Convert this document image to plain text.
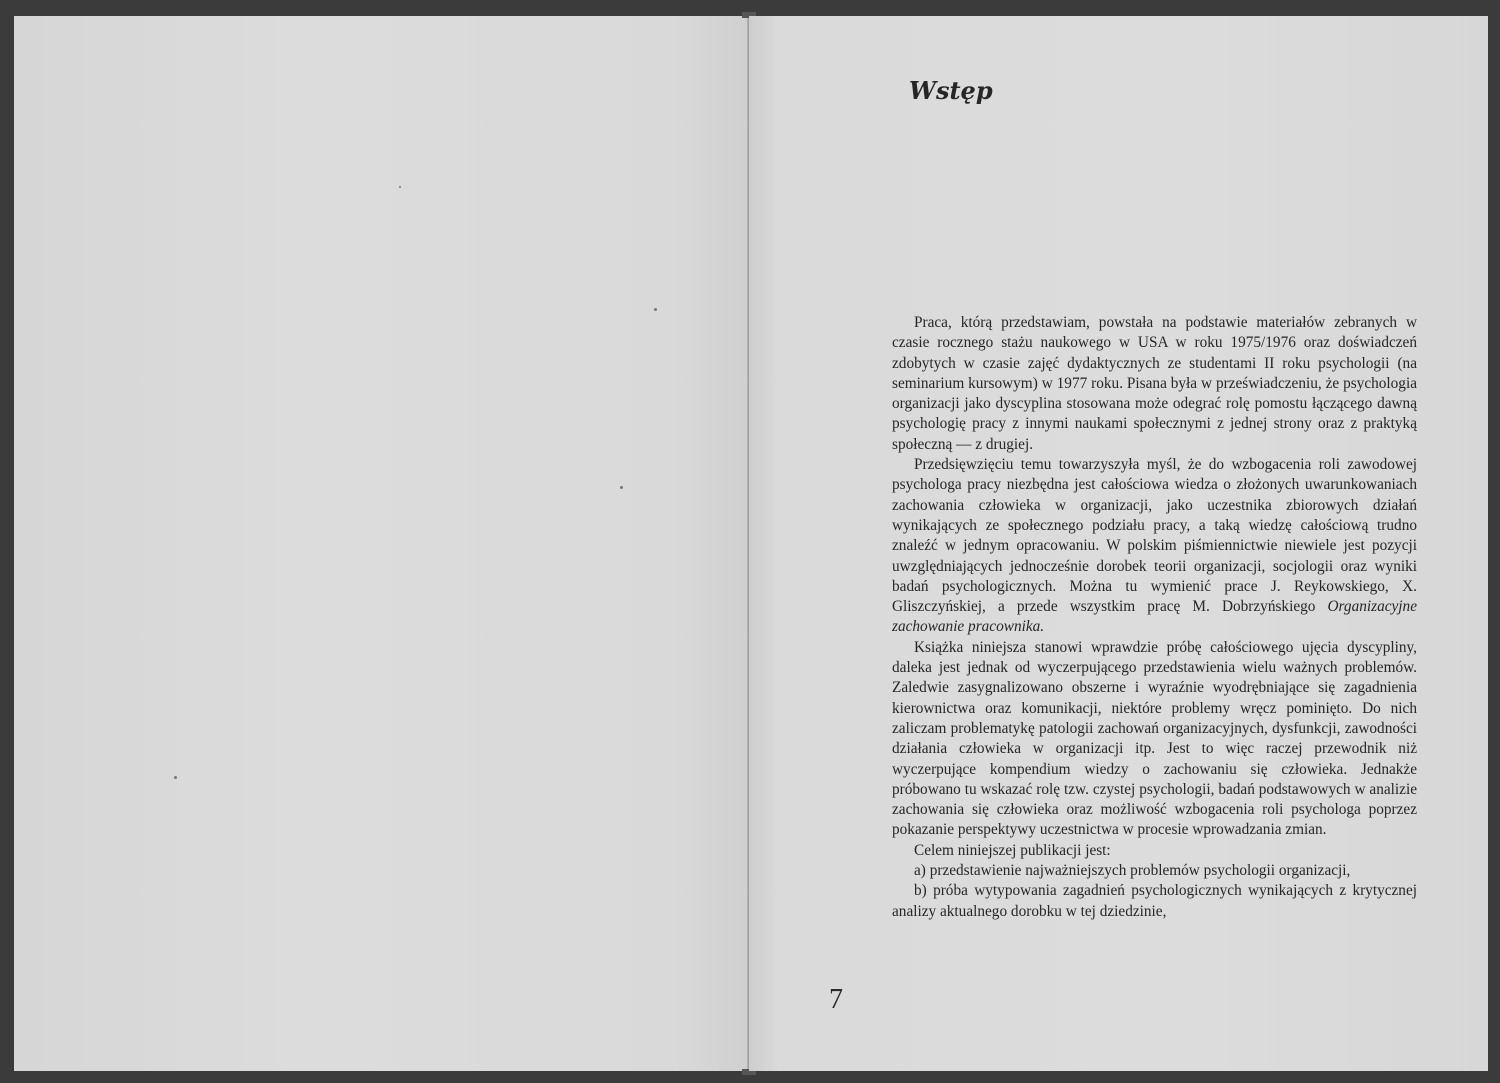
Wstęp

Praca, którą przedstawiam, powstała na podstawie materiałów zebranych w czasie rocznego stażu naukowego w USA w roku 1975/1976 oraz doświadczeń zdobytych w czasie zajęć dydaktycznych ze studentami II roku psychologii (na seminarium kursowym) w 1977 roku. Pisana była w przeświadczeniu, że psychologia organizacji jako dyscyplina stosowana może odegrać rolę pomostu łączącego dawną psychologię pracy z innymi naukami społecznymi z jednej strony oraz z praktyką społeczną — z drugiej.

Przedsięwzięciu temu towarzyszyła myśl, że do wzbogacenia roli zawodowej psychologa pracy niezbędna jest całościowa wiedza o złożonych uwarunkowaniach zachowania człowieka w organizacji, jako uczestnika zbiorowych działań wynikających ze społecznego podziału pracy, a taką wiedzę całościową trudno znaleźć w jednym opracowaniu. W polskim piśmiennictwie niewiele jest pozycji uwzględniających jednocześnie dorobek teorii organizacji, socjologii oraz wyniki badań psychologicznych. Można tu wymienić prace J. Reykowskiego, X. Gliszczyńskiej, a przede wszystkim pracę M. Dobrzyńskiego Organizacyjne zachowanie pracownika.

Książka niniejsza stanowi wprawdzie próbę całościowego ujęcia dyscypliny, daleka jest jednak od wyczerpującego przedstawienia wielu ważnych problemów. Zaledwie zasygnalizowano obszerne i wyraźnie wyodrębniające się zagadnienia kierownictwa oraz komunikacji, niektóre problemy wręcz pominięto. Do nich zaliczam problematykę patologii zachowań organizacyjnych, dysfunkcji, zawodności działania człowieka w organizacji itp. Jest to więc raczej przewodnik niż wyczerpujące kompendium wiedzy o zachowaniu się człowieka. Jednakże próbowano tu wskazać rolę tzw. czystej psychologii, badań podstawowych w analizie zachowania się człowieka oraz możliwość wzbogacenia roli psychologa poprzez pokazanie perspektywy uczestnictwa w procesie wprowadzania zmian.

Celem niniejszej publikacji jest:

a) przedstawienie najważniejszych problemów psychologii organizacji,

b) próba wytypowania zagadnień psychologicznych wynikających z krytycznej analizy aktualnego dorobku w tej dziedzinie,

7
